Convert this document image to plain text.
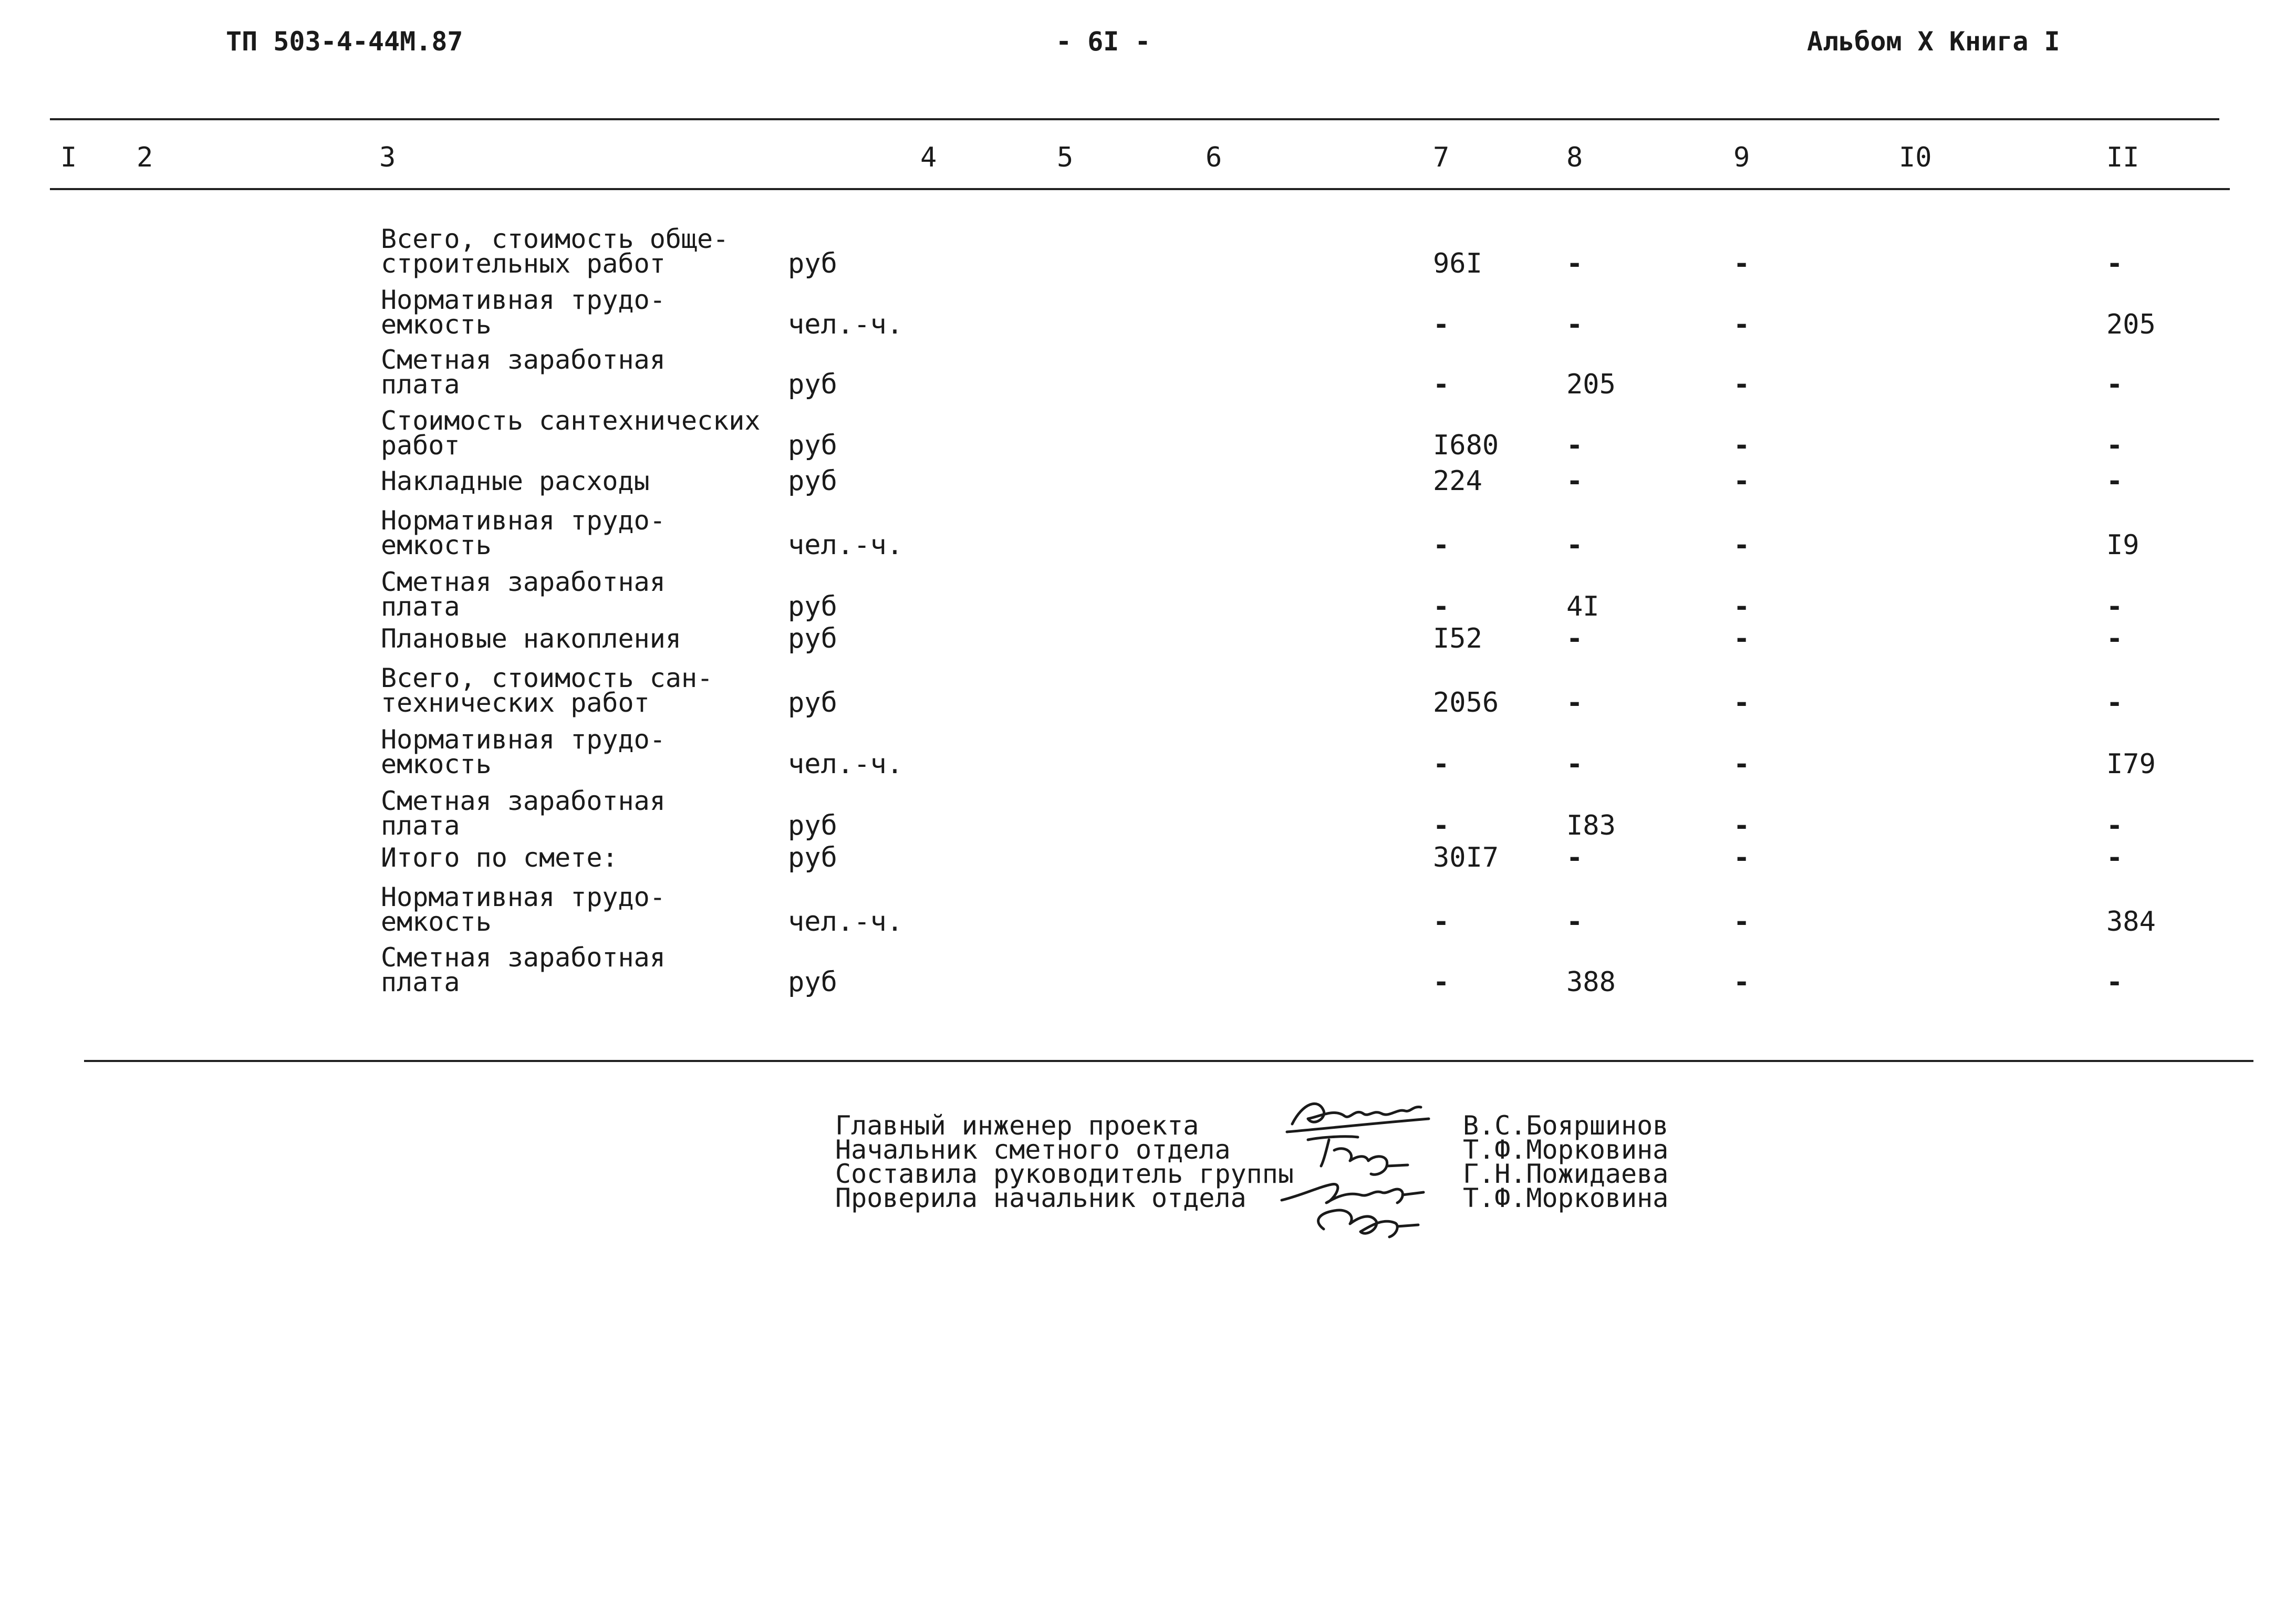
ТП 503-4-44М.87	- 6I -	Альбом Х Книга I
I 2	3	4	5	6	7	8	9	I0	II
Всего, стоимость обще-
строительных работ	руб	96I	-	-	-
Нормативная трудо-
емкость	чел.-ч.	-	-	-	205
Сметная заработная
плата	руб	-	205	-	-
Стоимость сантехнических
работ	руб	I680 -	-	-
Накладные расходы	руб	224	-	-	-
Нормативная трудо-
емкость	чел.-ч.	-	-	-	I9
Сметная заработная
плата	руб	-	4I	-	-
Плановые накопления	руб	I52	-	-	-
Всего, стоимость сан-
технических работ	руб	2056 -	-	-
Нормативная трудо-
емкость	чел.-ч.	-	-	-	I79
Сметная заработная
плата	руб	-	I83	-	-
Итого по смете:	руб	30I7 -	-	-
Нормативная трудо-
емкость	чел.-ч.	-	-	-	384
Сметная заработная
плата	руб	-	388	-	-
Главный инженер проекта
Начальник сметного отдела
Составила руководитель группы
Проверила начальник отдела
В.С.Бояршинов
Т.Ф.Морковина
Г.Н.Пожидаева
Т.Ф.Морковина
